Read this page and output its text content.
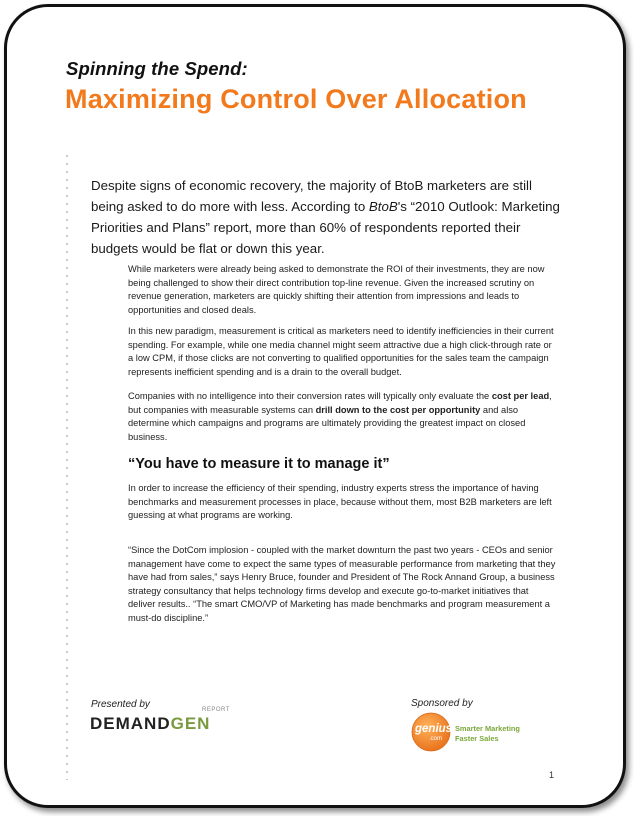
Spinning the Spend:

Maximizing Control Over Allocation

Despite signs of economic recovery, the majority of BtoB marketers are still being asked to do more with less. According to BtoB's “2010 Outlook: Marketing Priorities and Plans” report, more than 60% of respondents reported their budgets would be flat or down this year.

While marketers were already being asked to demonstrate the ROI of their investments, they are now being challenged to show their direct contribution top-line revenue. Given the increased scrutiny on revenue generation, marketers are quickly shifting their attention from impressions and leads to opportunities and closed deals.

In this new paradigm, measurement is critical as marketers need to identify inefficiencies in their current spending. For example, while one media channel might seem attractive due a high click-through rate or a low CPM, if those clicks are not converting to qualified opportunities for the sales team the campaign represents inefficient spending and is a drain to the overall budget.

Companies with no intelligence into their conversion rates will typically only evaluate the cost per lead, but companies with measurable systems can drill down to the cost per opportunity and also determine which campaigns and programs are ultimately providing the greatest impact on closed business.

“You have to measure it to manage it”

In order to increase the efficiency of their spending, industry experts stress the importance of having benchmarks and measurement processes in place, because without them, most B2B marketers are left guessing at what programs are working.

“Since the DotCom implosion - coupled with the market downturn the past two years - CEOs and senior management have come to expect the same types of measurable performance from marketing that they have had from sales,” says Henry Bruce, founder and President of The Rock Annand Group, a business strategy consultancy that helps technology firms develop and execute go-to-market initiatives that deliver results.. “The smart CMO/VP of Marketing has made benchmarks and program measurement a must-do discipline.”

Presented by	Sponsored by
REPORT
DEMANDGEN	genius
.com
Smarter Marketing
Faster Sales
1
